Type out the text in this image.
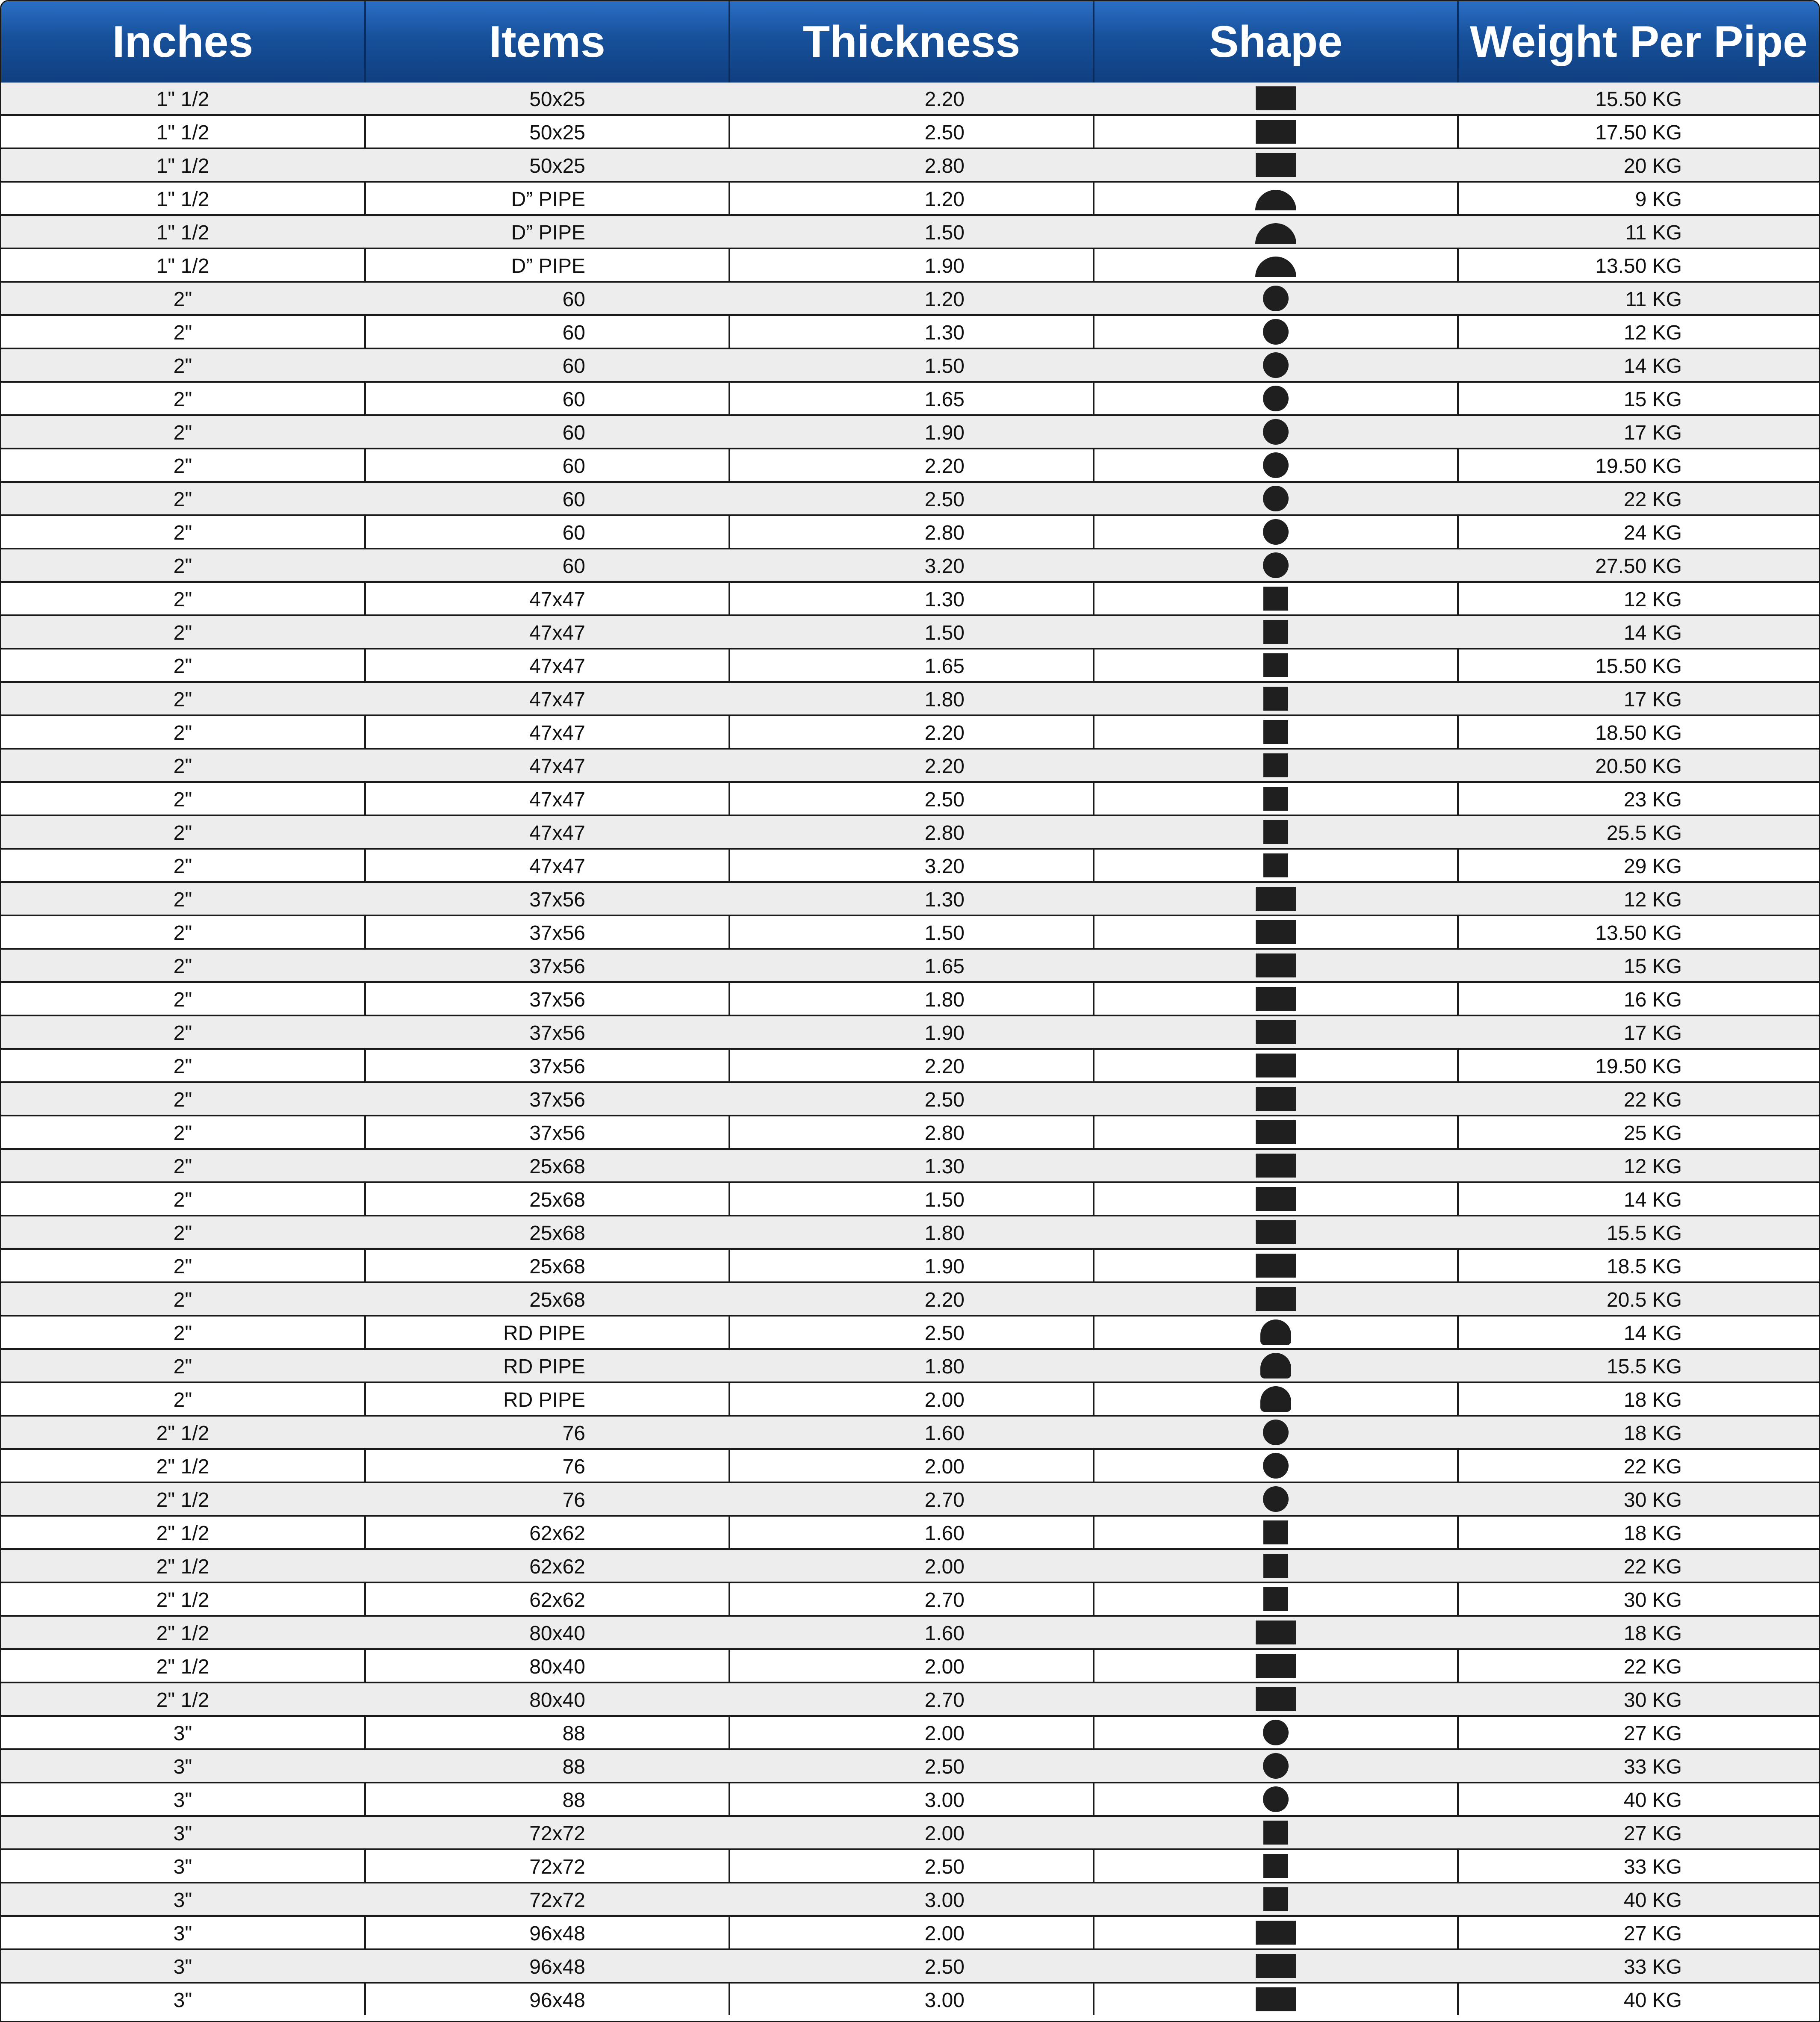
Inches	Items	Thickness	Shape	Weight Per Pipe
1" 1/2	50x25	2.20	15.50 KG
1" 1/2	50x25	2.50	17.50 KG
1" 1/2	50x25	2.80	20 KG
1" 1/2	D” PIPE	1.20	9 KG
1" 1/2	D” PIPE	1.50	11 KG
1" 1/2	D” PIPE	1.90	13.50 KG
2"	60	1.20	11 KG
2"	60	1.30	12 KG
2"	60	1.50	14 KG
2"	60	1.65	15 KG
2"	60	1.90	17 KG
2"	60	2.20	19.50 KG
2"	60	2.50	22 KG
2"	60	2.80	24 KG
2"	60	3.20	27.50 KG
2"	47x47	1.30	12 KG
2"	47x47	1.50	14 KG
2"	47x47	1.65	15.50 KG
2"	47x47	1.80	17 KG
2"	47x47	2.20	18.50 KG
2"	47x47	2.20	20.50 KG
2"	47x47	2.50	23 KG
2"	47x47	2.80	25.5 KG
2"	47x47	3.20	29 KG
2"	37x56	1.30	12 KG
2"	37x56	1.50	13.50 KG
2"	37x56	1.65	15 KG
2"	37x56	1.80	16 KG
2"	37x56	1.90	17 KG
2"	37x56	2.20	19.50 KG
2"	37x56	2.50	22 KG
2"	37x56	2.80	25 KG
2"	25x68	1.30	12 KG
2"	25x68	1.50	14 KG
2"	25x68	1.80	15.5 KG
2"	25x68	1.90	18.5 KG
2"	25x68	2.20	20.5 KG
2"	RD PIPE	2.50	14 KG
2"	RD PIPE	1.80	15.5 KG
2"	RD PIPE	2.00	18 KG
2" 1/2	76	1.60	18 KG
2" 1/2	76	2.00	22 KG
2" 1/2	76	2.70	30 KG
2" 1/2	62x62	1.60	18 KG
2" 1/2	62x62	2.00	22 KG
2" 1/2	62x62	2.70	30 KG
2" 1/2	80x40	1.60	18 KG
2" 1/2	80x40	2.00	22 KG
2" 1/2	80x40	2.70	30 KG
3"	88	2.00	27 KG
3"	88	2.50	33 KG
3"	88	3.00	40 KG
3"	72x72	2.00	27 KG
3"	72x72	2.50	33 KG
3"	72x72	3.00	40 KG
3"	96x48	2.00	27 KG
3"	96x48	2.50	33 KG
3"	96x48	3.00	40 KG
